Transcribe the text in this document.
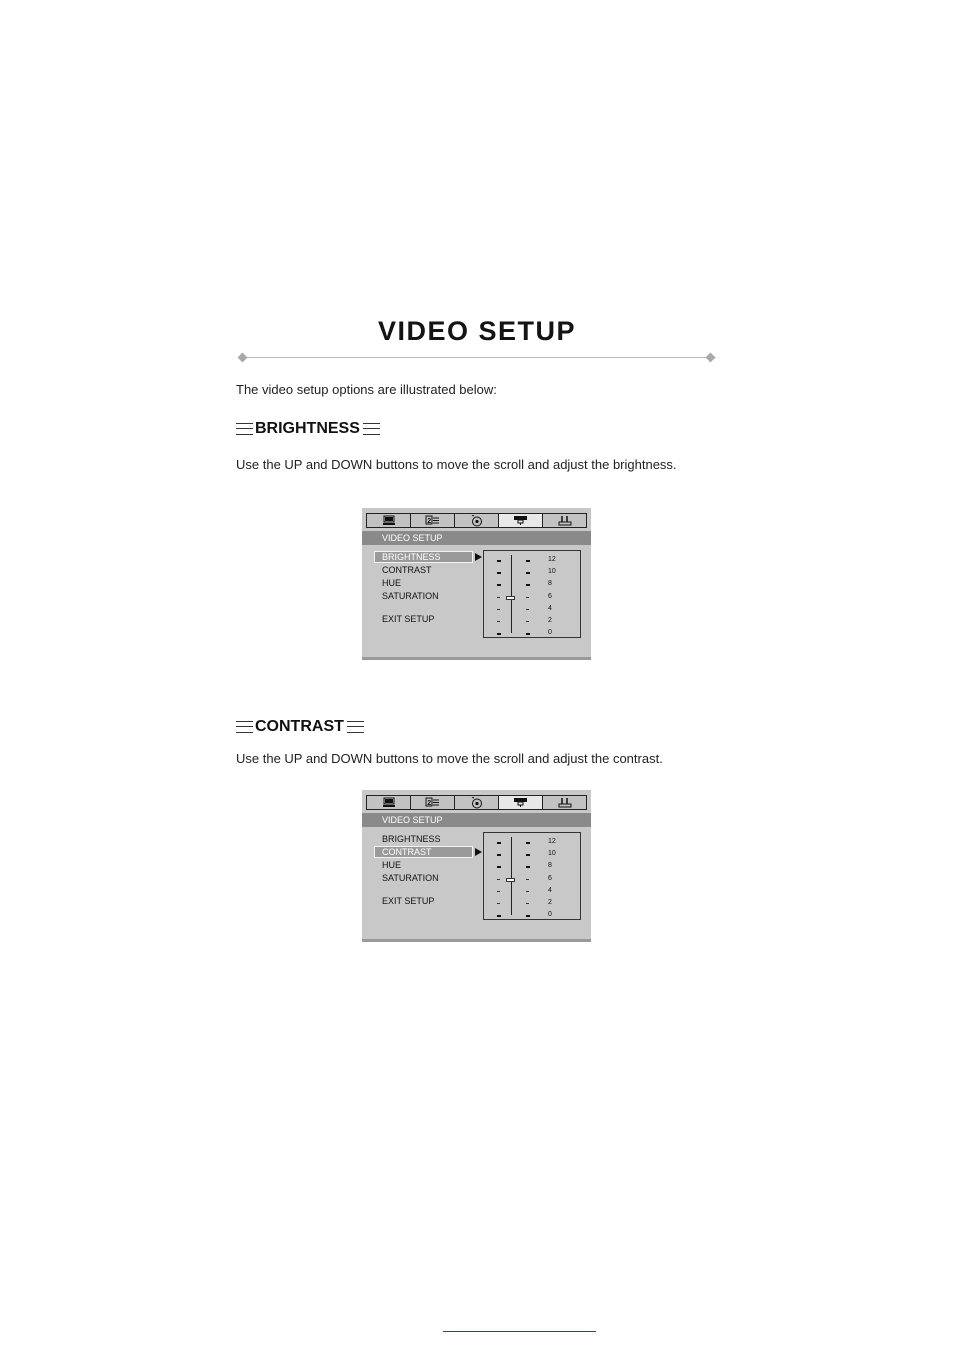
VIDEO SETUP
The video setup options are illustrated below:
BRIGHTNESS
Use the UP and DOWN buttons to move the scroll and adjust the brightness.
2
VIDEO SETUP
BRIGHTNESS
CONTRAST
HUE
SATURATION
EXIT SETUP
12
10
8
6
4
2
0
CONTRAST
Use the UP and DOWN buttons to move the scroll and adjust the contrast.
2
VIDEO SETUP
BRIGHTNESS
CONTRAST
HUE
SATURATION
EXIT SETUP
12
10
8
6
4
2
0
